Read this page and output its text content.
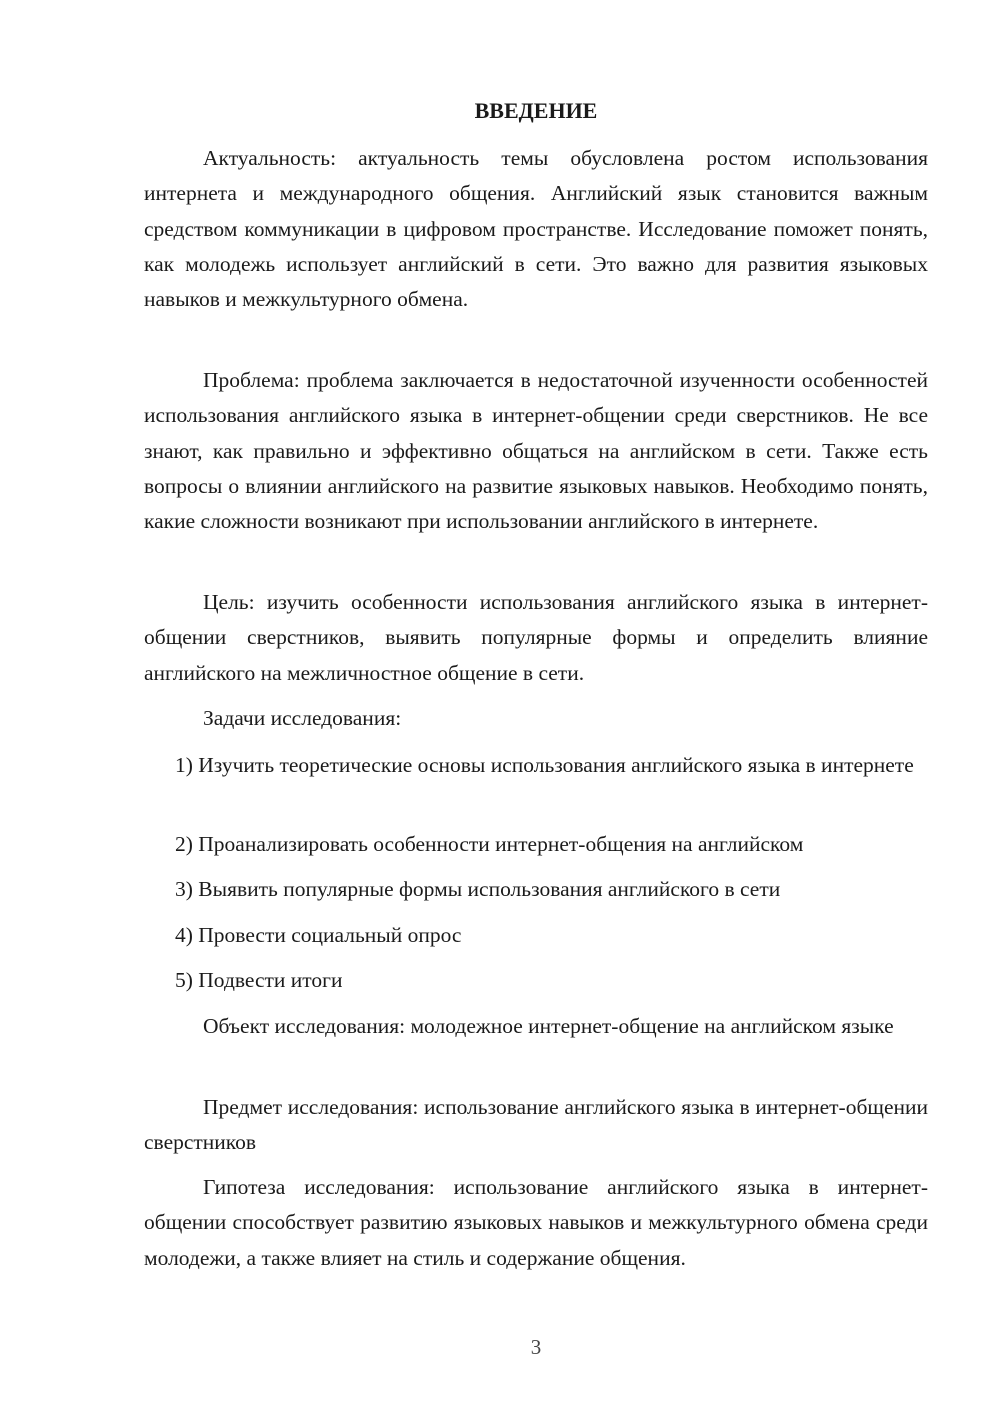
ВВЕДЕНИЕ

Актуальность: актуальность темы обусловлена ростом использования интернета и международного общения. Английский язык становится важным средством коммуникации в цифровом пространстве. Исследование поможет понять, как молодежь использует английский в сети. Это важно для развития языковых навыков и межкультурного обмена.

Проблема: проблема заключается в недостаточной изученности особенностей использования английского языка в интернет-общении среди сверстников. Не все знают, как правильно и эффективно общаться на английском в сети. Также есть вопросы о влиянии английского на развитие языковых навыков. Необходимо понять, какие сложности возникают при использовании английского в интернете.

Цель: изучить особенности использования английского языка в интернет-общении сверстников, выявить популярные формы и определить влияние английского на межличностное общение в сети.

Задачи исследования:

1) Изучить теоретические основы использования английского языка в интернете

2) Проанализировать особенности интернет-общения на английском

3) Выявить популярные формы использования английского в сети

4) Провести социальный опрос

5) Подвести итоги

Объект исследования: молодежное интернет-общение на английском языке

Предмет исследования: использование английского языка в интернет-общении сверстников

Гипотеза исследования: использование английского языка в интернет-общении способствует развитию языковых навыков и межкультурного обмена среди молодежи, а также влияет на стиль и содержание общения.

3
